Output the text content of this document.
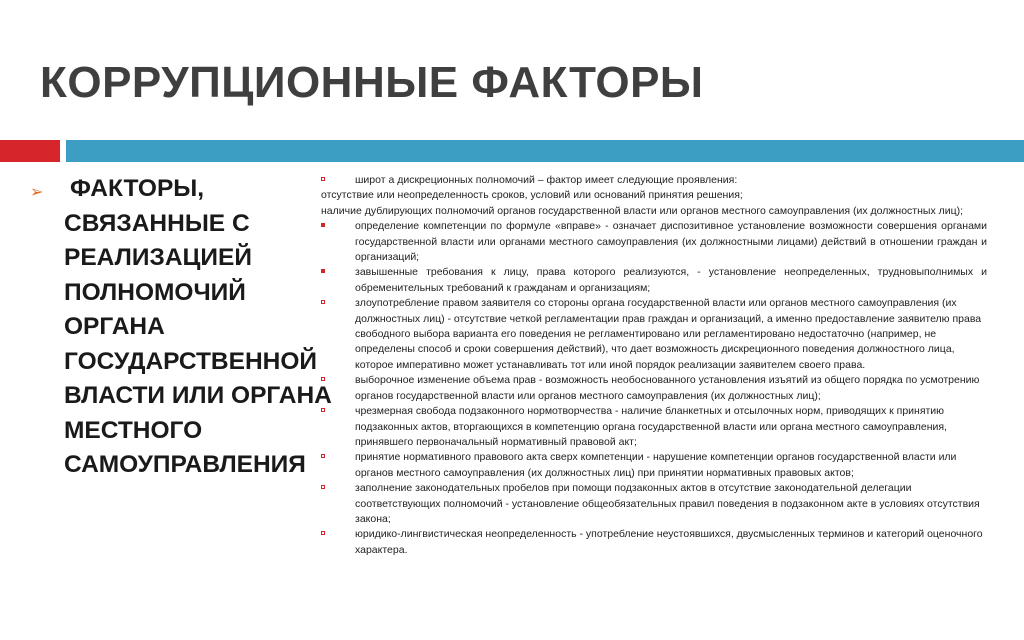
КОРРУПЦИОННЫЕ ФАКТОРЫ
➢ ФАКТОРЫ,
СВЯЗАННЫЕ С
РЕАЛИЗАЦИЕЙ
ПОЛНОМОЧИЙ
ОРГАНА
ГОСУДАРСТВЕННОЙ
ВЛАСТИ ИЛИ ОРГАНА
МЕСТНОГО
САМОУПРАВЛЕНИЯ
широт а дискреционных полномочий – фактор имеет следующие проявления:
отсутствие или неопределенность сроков, условий или оснований принятия решения;
наличие дублирующих полномочий органов государственной власти или органов местного самоуправления (их должностных лиц);
определение компетенции по формуле «вправе» - означает диспозитивное установление возможности совершения органами государственной власти или органами местного самоуправления (их должностными лицами) действий в отношении граждан и организаций;
завышенные требования к лицу, права которого реализуются, - установление неопределенных, трудновыполнимых и обременительных требований к гражданам и организациям;
злоупотребление правом заявителя со стороны органа государственной власти или органов местного самоуправления (их должностных лиц) - отсутствие четкой регламентации прав граждан и организаций, а именно предоставление заявителю права свободного выбора варианта его поведения не регламентировано или регламентировано недостаточно (например, не определены способ и сроки совершения действий), что дает возможность дискреционного поведения должностного лица, которое императивно может устанавливать тот или иной порядок реализации заявителем своего права.
выборочное изменение объема прав - возможность необоснованного установления изъятий из общего порядка по усмотрению органов государственной власти или органов местного самоуправления (их должностных лиц);
чрезмерная свобода подзаконного нормотворчества - наличие бланкетных и отсылочных норм, приводящих к принятию подзаконных актов, вторгающихся в компетенцию органа государственной власти или органа местного самоуправления, принявшего первоначальный нормативный правовой акт;
принятие нормативного правового акта сверх компетенции - нарушение компетенции органов государственной власти или органов местного самоуправления (их должностных лиц) при принятии нормативных правовых актов;
заполнение законодательных пробелов при помощи подзаконных актов в отсутствие законодательной делегации соответствующих полномочий - установление общеобязательных правил поведения в подзаконном акте в условиях отсутствия закона;
юридико-лингвистическая неопределенность - употребление неустоявшихся, двусмысленных терминов и категорий оценочного характера.
